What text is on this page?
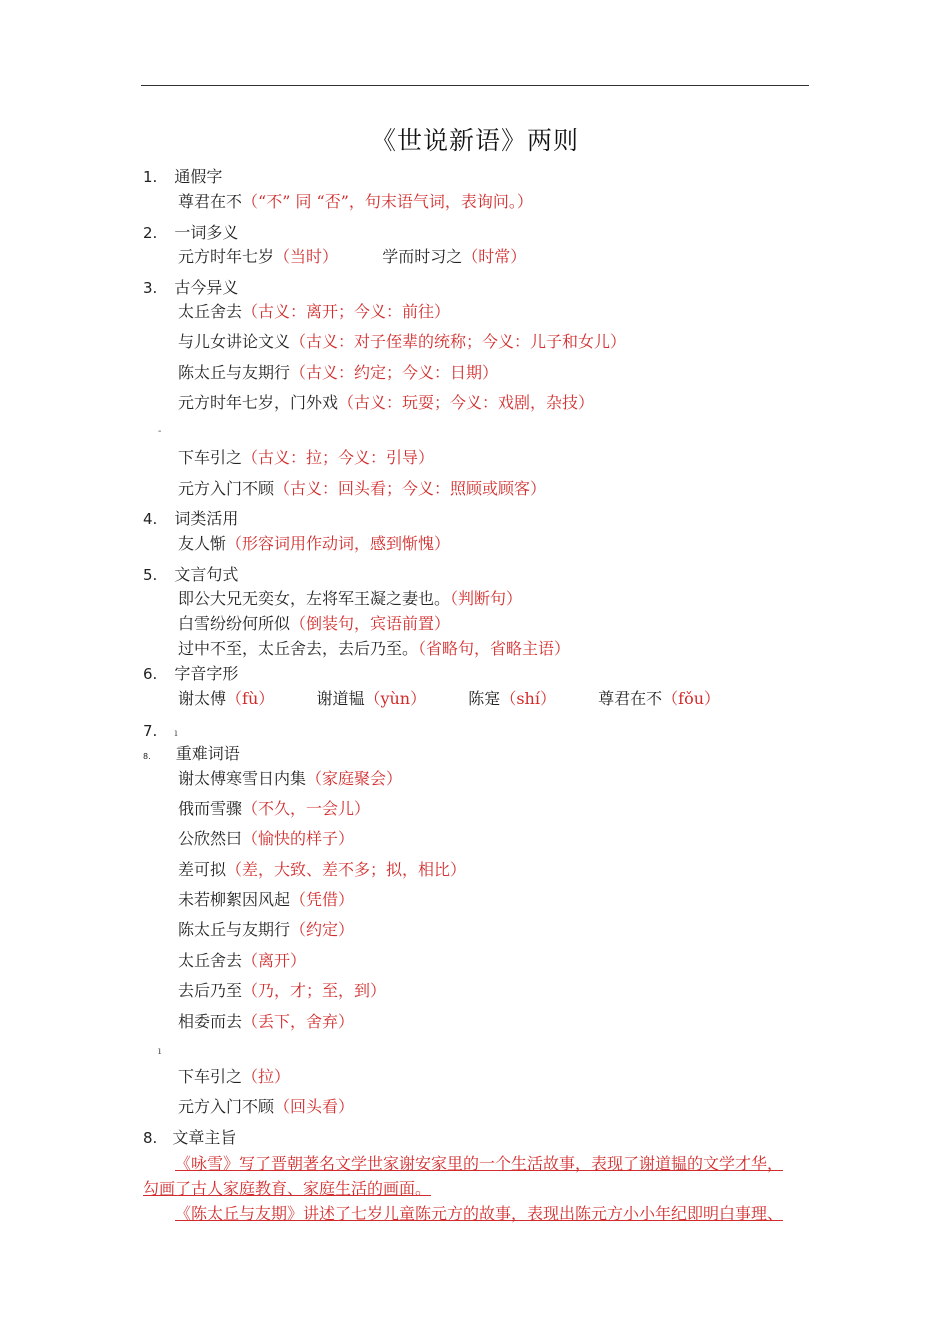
《世说新语》两则
1. 通假字
尊君在不（“不” 同 “否”，句末语气词，表询问。）
2. 一词多义
元方时年七岁（当时）	学而时习之（时常）
3. 古今异义
太丘舍去（古义：离开；今义：前往）
与儿女讲论文义（古义：对子侄辈的统称；今义：儿子和女儿）
陈太丘与友期行（古义：约定；今义：日期）
元方时年七岁，门外戏（古义：玩耍；今义：戏剧，杂技）
-
下车引之（古义：拉；今义：引导）
元方入门不顾（古义：回头看；今义：照顾或顾客）
4. 词类活用
友人惭（形容词用作动词，感到惭愧）
5. 文言句式
即公大兄无奕女，左将军王凝之妻也。（判断句）
白雪纷纷何所似（倒装句，宾语前置）
过中不至，太丘舍去，去后乃至。（省略句，省略主语）
6. 字音字形
谢太傅（fù）	谢道韫（yùn）	陈寔（shí）	尊君在不（fǒu）
7. ı
8. 重难词语
谢太傅寒雪日内集（家庭聚会）
俄而雪骤（不久，一会儿）
公欣然曰（愉快的样子）
差可拟（差，大致、差不多；拟，相比）
未若柳絮因风起（凭借）
陈太丘与友期行（约定）
太丘舍去（离开）
去后乃至（乃，才；至，到）
相委而去（丢下，舍弃）
ı
下车引之（拉）
元方入门不顾（回头看）
8. 文章主旨
《咏雪》写了晋朝著名文学世家谢安家里的一个生活故事，表现了谢道韫的文学才华，
勾画了古人家庭教育、家庭生活的画面。
《陈太丘与友期》讲述了七岁儿童陈元方的故事，表现出陈元方小小年纪即明白事理、
